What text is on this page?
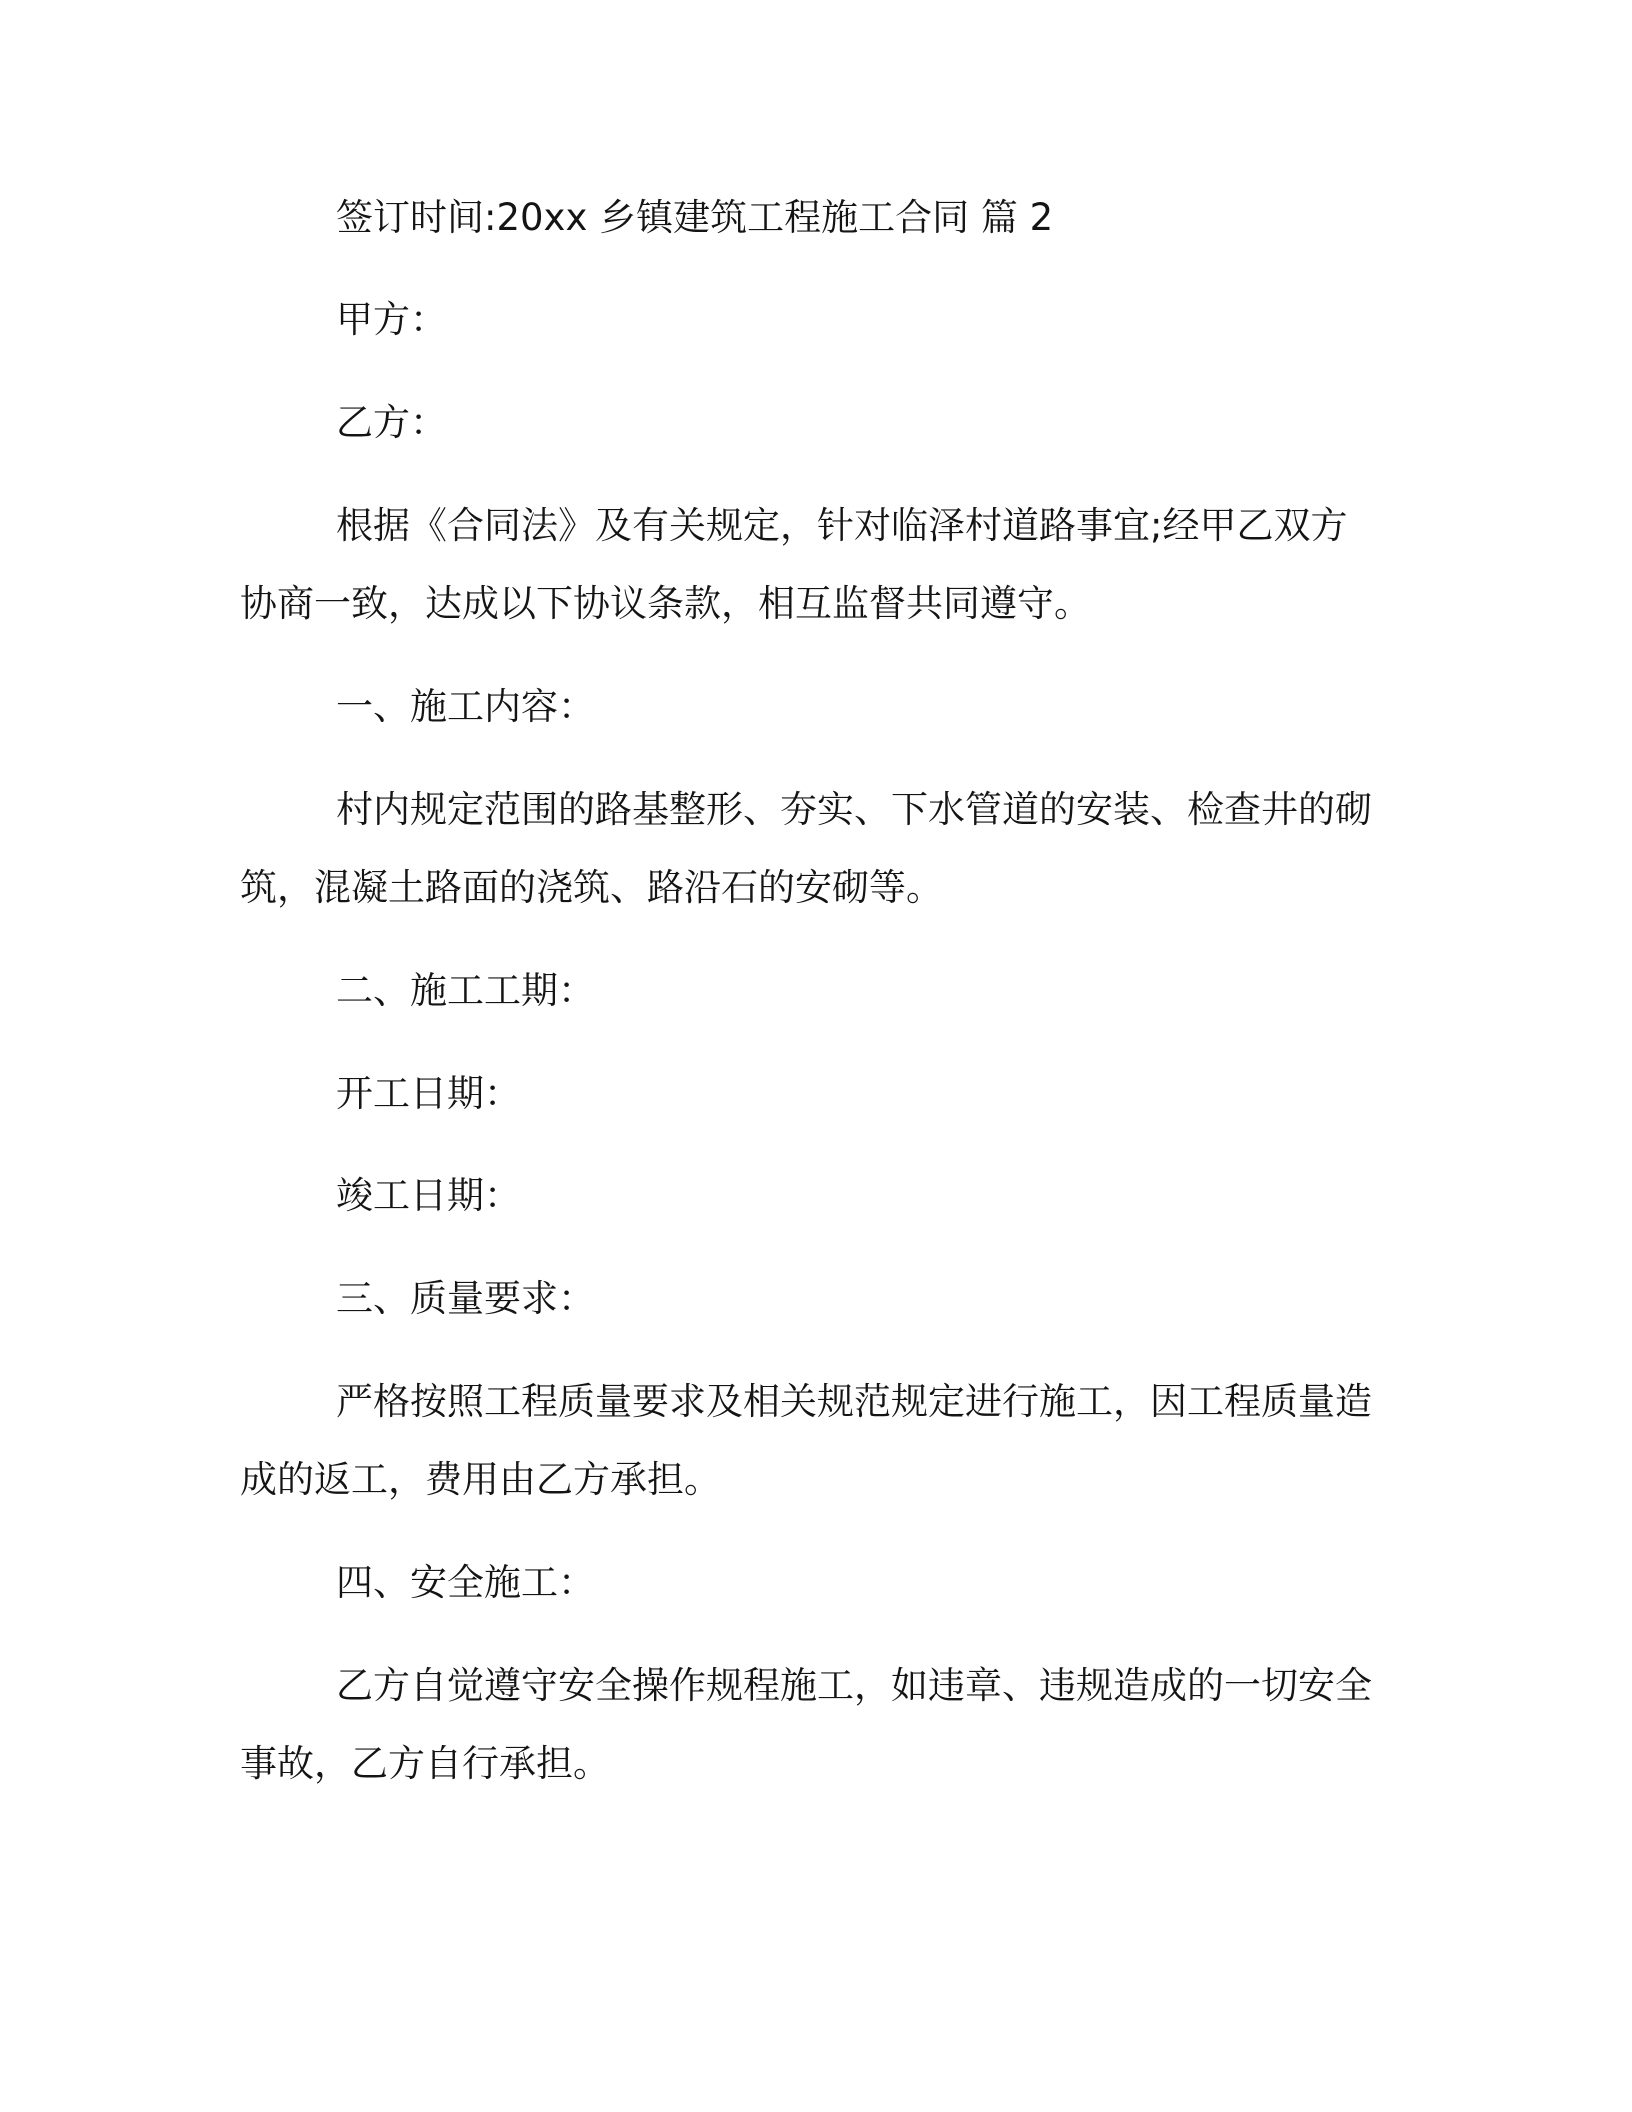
签订时间:20xx 乡镇建筑工程施工合同 篇 2
甲方：
乙方：
根据《合同法》及有关规定，针对临泽村道路事宜;经甲乙双方
协商一致，达成以下协议条款，相互监督共同遵守。
一、施工内容：
村内规定范围的路基整形、夯实、下水管道的安装、检查井的砌
筑，混凝土路面的浇筑、路沿石的安砌等。
二、施工工期：
开工日期：
竣工日期：
三、质量要求：
严格按照工程质量要求及相关规范规定进行施工，因工程质量造
成的返工，费用由乙方承担。
四、安全施工：
乙方自觉遵守安全操作规程施工，如违章、违规造成的一切安全
事故，乙方自行承担。
